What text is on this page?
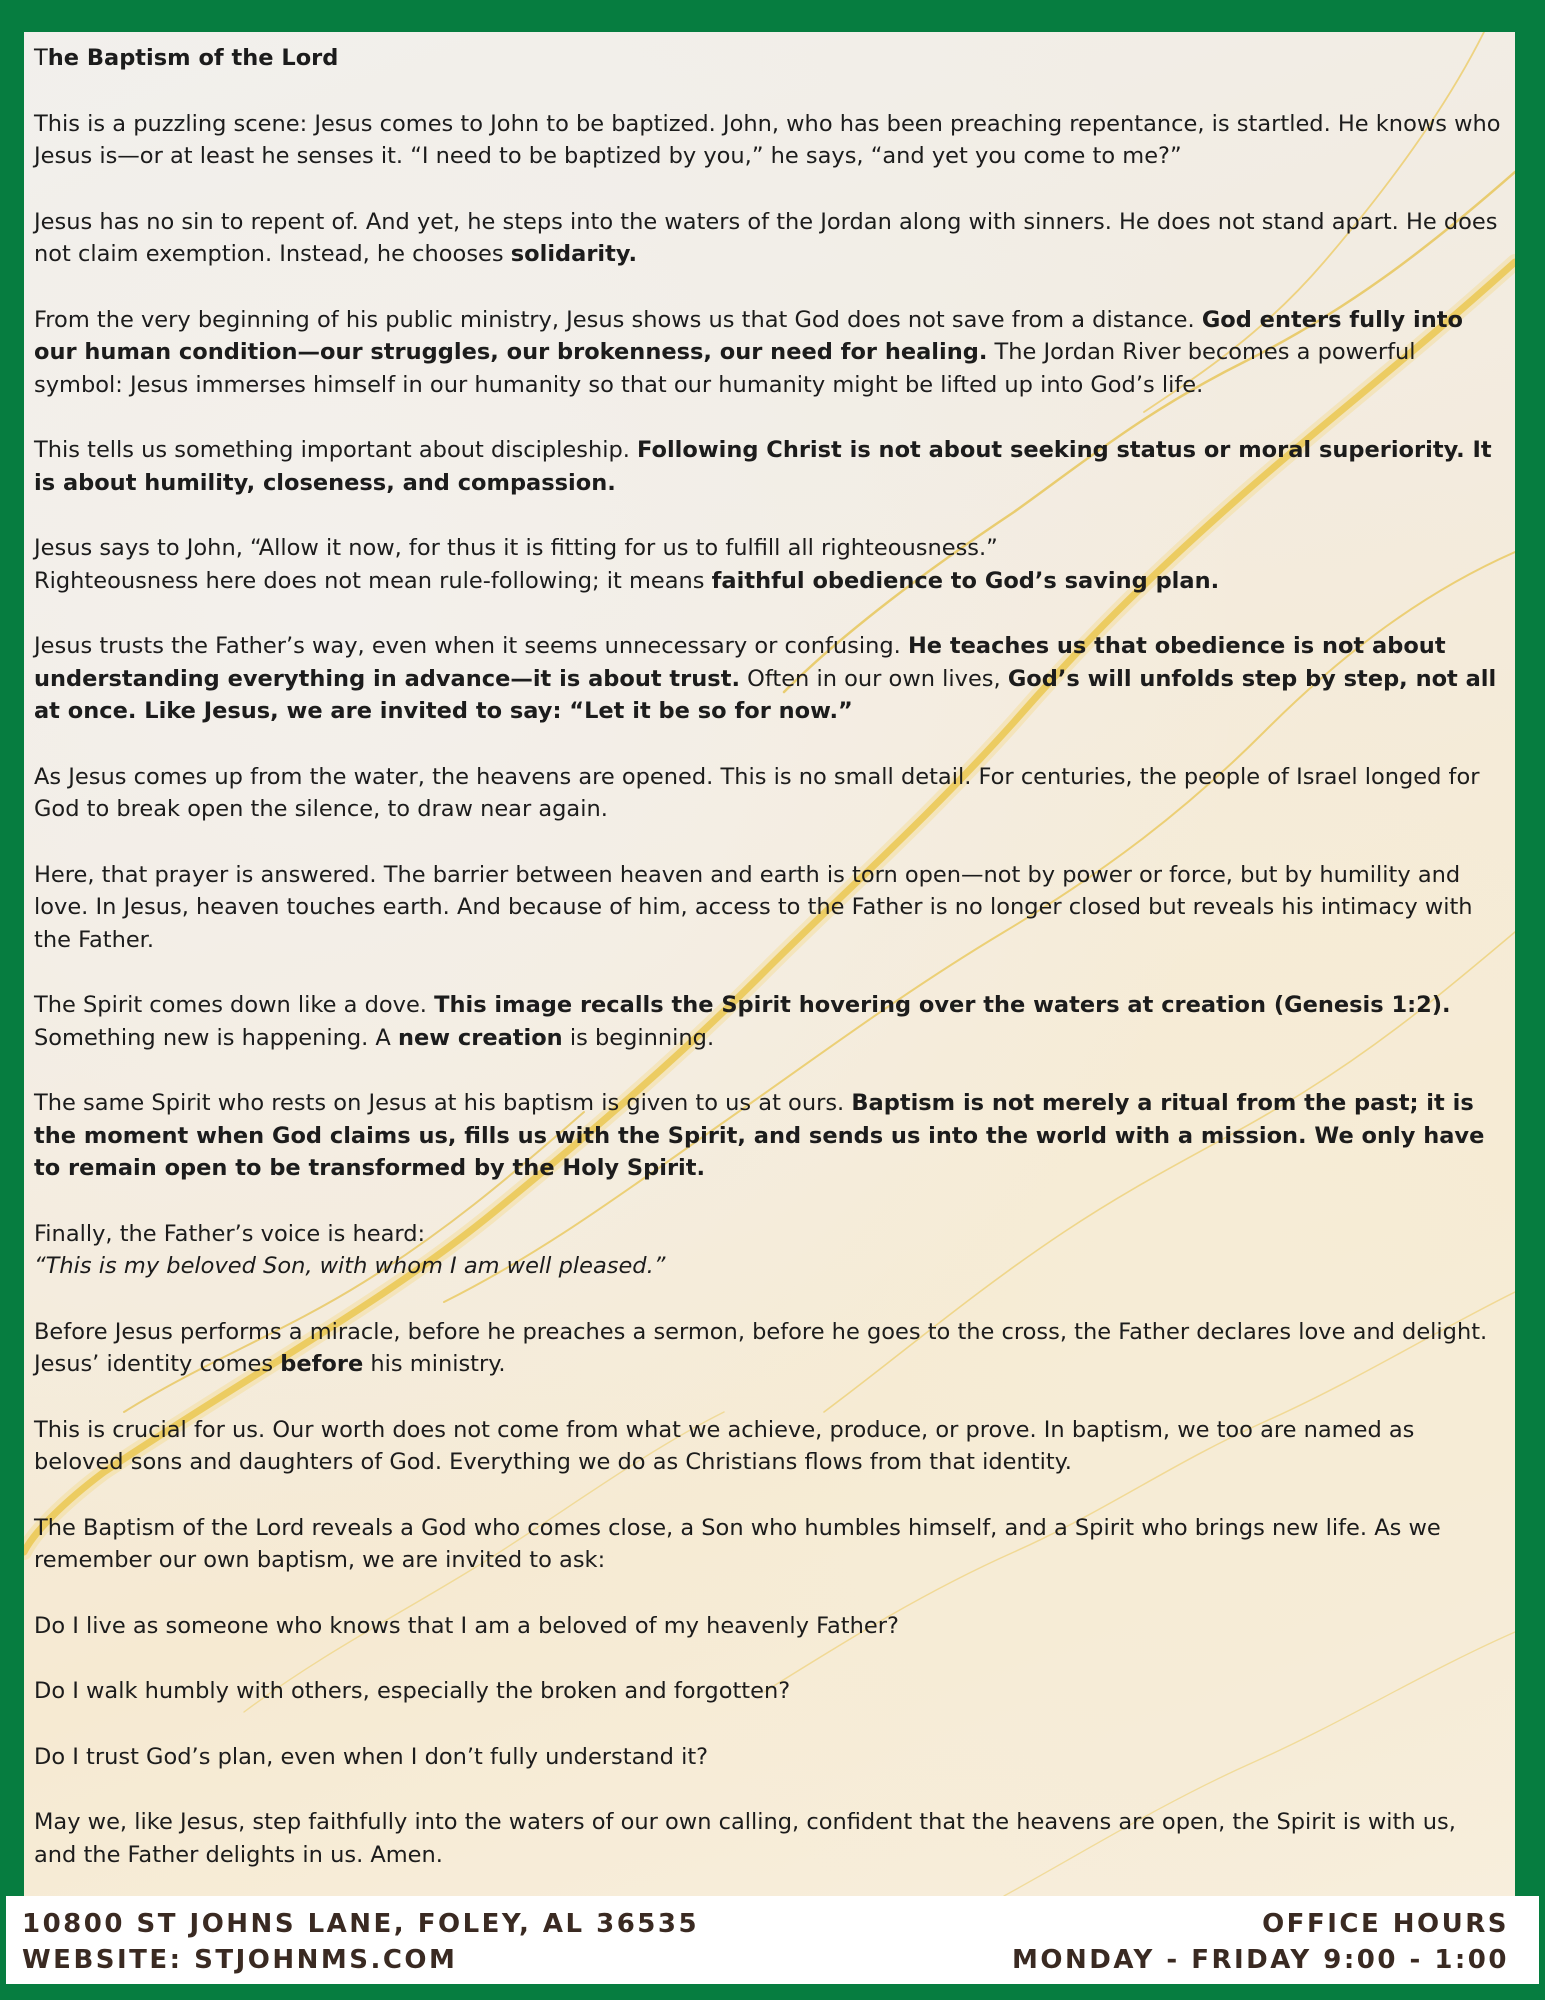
The Baptism of the Lord

This is a puzzling scene: Jesus comes to John to be baptized. John, who has been preaching repentance, is startled. He knows who Jesus is—or at least he senses it. “I need to be baptized by you,” he says, “and yet you come to me?”

Jesus has no sin to repent of. And yet, he steps into the waters of the Jordan along with sinners. He does not stand apart. He does not claim exemption. Instead, he chooses solidarity.

From the very beginning of his public ministry, Jesus shows us that God does not save from a distance. God enters fully into our human condition—our struggles, our brokenness, our need for healing. The Jordan River becomes a powerful symbol: Jesus immerses himself in our humanity so that our humanity might be lifted up into God’s life.

This tells us something important about discipleship. Following Christ is not about seeking status or moral superiority. It is about humility, closeness, and compassion.

Jesus says to John, “Allow it now, for thus it is fitting for us to fulfill all righteousness.”
Righteousness here does not mean rule-following; it means faithful obedience to God’s saving plan.

Jesus trusts the Father’s way, even when it seems unnecessary or confusing. He teaches us that obedience is not about understanding everything in advance—it is about trust. Often in our own lives, God’s will unfolds step by step, not all at once. Like Jesus, we are invited to say: “Let it be so for now.”

As Jesus comes up from the water, the heavens are opened. This is no small detail. For centuries, the people of Israel longed for God to break open the silence, to draw near again.

Here, that prayer is answered. The barrier between heaven and earth is torn open—not by power or force, but by humility and love. In Jesus, heaven touches earth. And because of him, access to the Father is no longer closed but reveals his intimacy with the Father.

The Spirit comes down like a dove. This image recalls the Spirit hovering over the waters at creation (Genesis 1:2). Something new is happening. A new creation is beginning.

The same Spirit who rests on Jesus at his baptism is given to us at ours. Baptism is not merely a ritual from the past; it is the moment when God claims us, fills us with the Spirit, and sends us into the world with a mission. We only have to remain open to be transformed by the Holy Spirit.

Finally, the Father’s voice is heard:
“This is my beloved Son, with whom I am well pleased.”

Before Jesus performs a miracle, before he preaches a sermon, before he goes to the cross, the Father declares love and delight. Jesus’ identity comes before his ministry.

This is crucial for us. Our worth does not come from what we achieve, produce, or prove. In baptism, we too are named as beloved sons and daughters of God. Everything we do as Christians flows from that identity.

The Baptism of the Lord reveals a God who comes close, a Son who humbles himself, and a Spirit who brings new life. As we remember our own baptism, we are invited to ask:

Do I live as someone who knows that I am a beloved of my heavenly Father?

Do I walk humbly with others, especially the broken and forgotten?

Do I trust God’s plan, even when I don’t fully understand it?

May we, like Jesus, step faithfully into the waters of our own calling, confident that the heavens are open, the Spirit is with us, and the Father delights in us. Amen.

10800 ST JOHNS LANE, FOLEY, AL 36535
WEBSITE: STJOHNMS.COM
OFFICE HOURS
MONDAY - FRIDAY 9:00 - 1:00
